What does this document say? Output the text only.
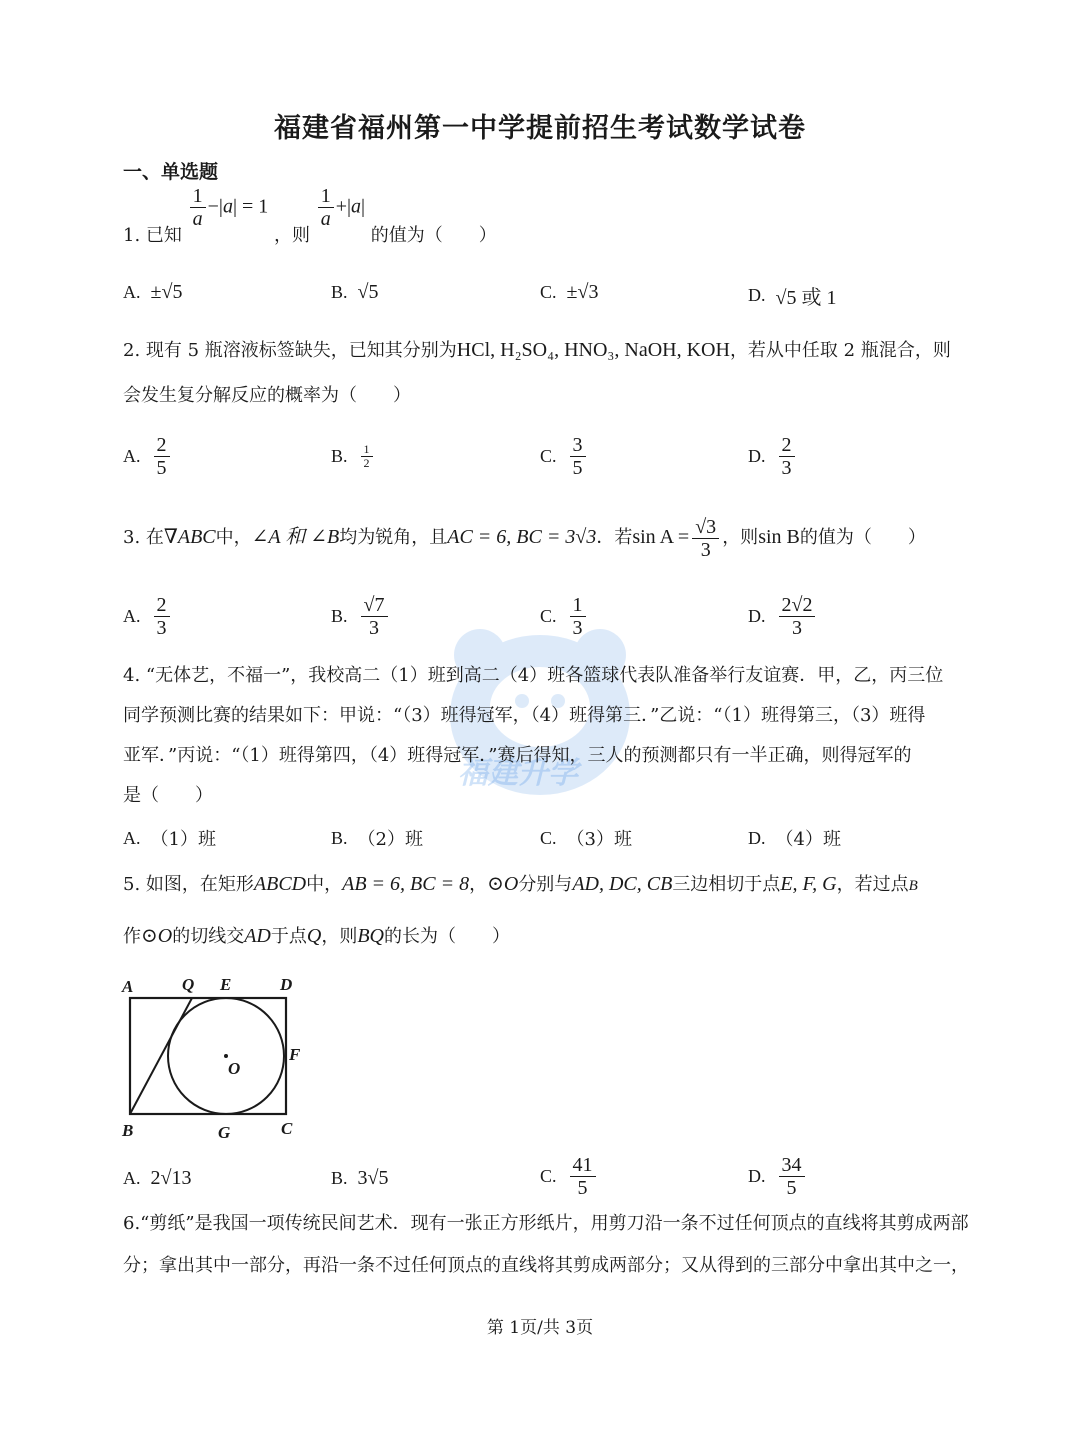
福建升学
福建省福州第一中学提前招生考试数学试卷
一、单选题
1. 已知
$\frac{1}{a} -|a| = 1$ ，则
$\frac{1}{a} +|a|$ 的值为（　　）
A. ±√5	B. √5	C. ±√3	D. √5 或 1
2. 现有 5 瓶溶液标签缺失，已知其分别为HCl, H₂SO₄, HNO₃, NaOH, KOH，若从中任取 2 瓶混合，则
会发生复分解反应的概率为（　　）
A. $\frac{2}{5}$	B. $\frac{1}{2}$	C. $\frac{3}{5}$	D. $\frac{2}{3}$
3. 在∇ABC中，∠A 和 ∠B均为锐角，且AC = 6, BC = 3√3．若$\sin A = \frac{√3}{3}$ ，则sin B的值为（　　）
A. $\frac{2}{3}$	B. $\frac{√7}{3}$	C. $\frac{1}{3}$	D. $\frac{2√2}{3}$
4. “无体艺，不福一”，我校高二（1）班到高二（4）班各篮球代表队准备举行友谊赛．甲，乙，丙三位
同学预测比赛的结果如下：甲说：“（3）班得冠军，（4）班得第三．”乙说：“（1）班得第三，（3）班得
亚军．”丙说：“（1）班得第四，（4）班得冠军．”赛后得知，三人的预测都只有一半正确，则得冠军的
是（　　）
A. （1）班	B. （2）班	C. （3）班	D. （4）班
5. 如图，在矩形ABCD中，AB = 6, BC = 8，⊙O分别与AD, DC, CB三边相切于点E, F, G，若过点B
作⊙O的切线交AD于点Q，则BQ的长为（　　）
A	Q E	D
F
O
B	G	C
A. 2√13	B. 3√5	C. $\frac{41}{5}$	D. $\frac{34}{5}$
6.“剪纸”是我国一项传统民间艺术．现有一张正方形纸片，用剪刀沿一条不过任何顶点的直线将其剪成两部
分；拿出其中一部分，再沿一条不过任何顶点的直线将其剪成两部分；又从得到的三部分中拿出其中之一，
第 1页/共 3页
